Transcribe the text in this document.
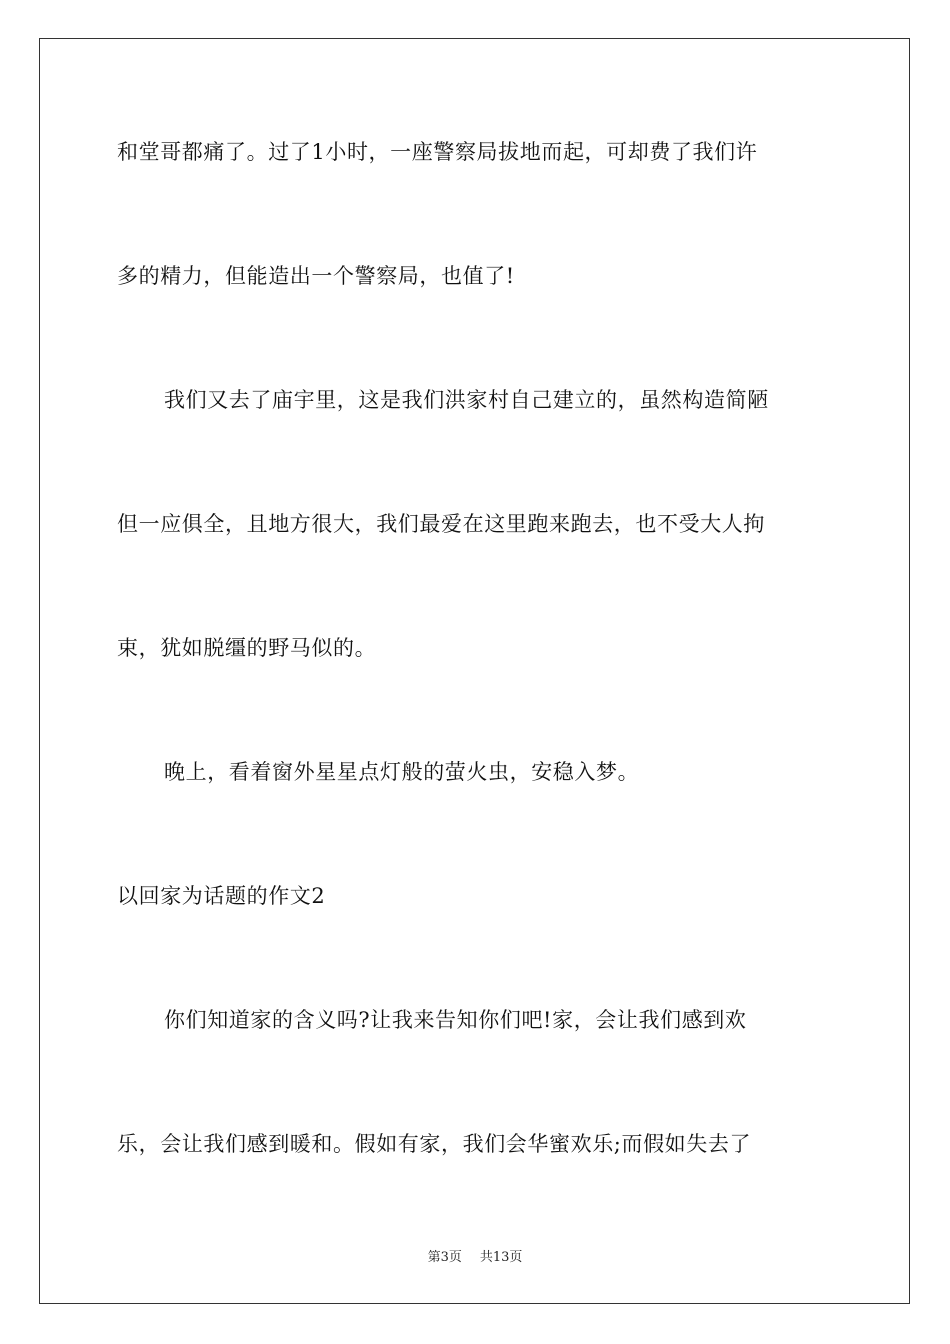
和堂哥都痛了。过了1小时，一座警察局拔地而起，可却费了我们许
多的精力，但能造出一个警察局，也值了!
我们又去了庙宇里，这是我们洪家村自己建立的，虽然构造简陋
但一应俱全，且地方很大，我们最爱在这里跑来跑去，也不受大人拘
束，犹如脱缰的野马似的。
晚上，看着窗外星星点灯般的萤火虫，安稳入梦。
以回家为话题的作文2
你们知道家的含义吗?让我来告知你们吧!家，会让我们感到欢
乐，会让我们感到暖和。假如有家，我们会华蜜欢乐;而假如失去了
第3页 共13页
